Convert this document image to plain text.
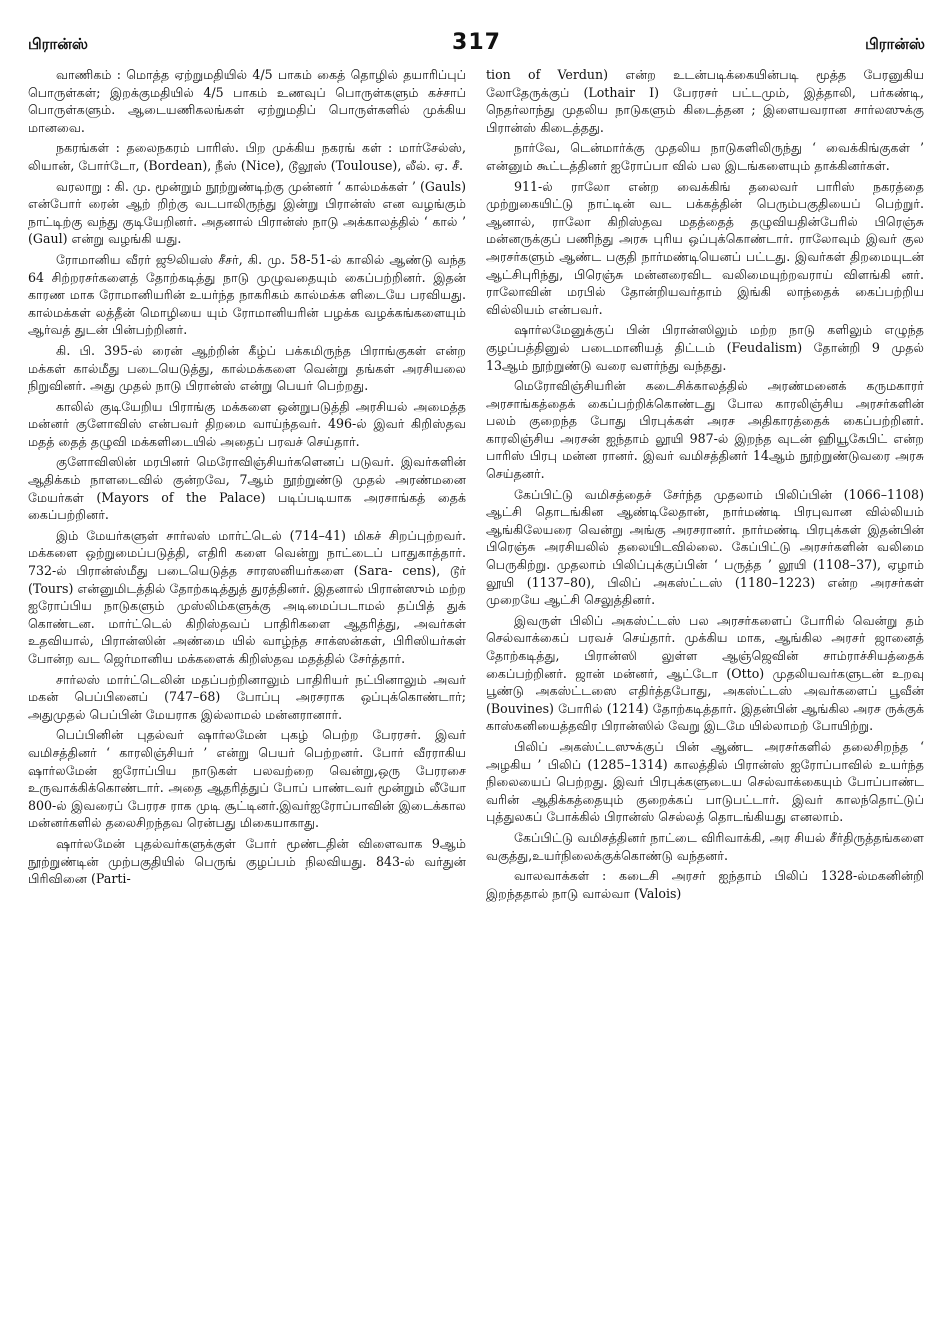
பிரான்ஸ்	317	பிரான்ஸ்

வாணிகம் : மொத்த ஏற்றுமதியில் 4/5 பாகம் கைத் தொழில் தயாரிப்புப் பொருள்கள்; இறக்குமதியில் 4/5 பாகம் உணவுப் பொருள்களும் கச்சாப் பொருள்களும். ஆடையணிகலங்கள் ஏற்றுமதிப் பொருள்களில் முக்கிய மானவை.

நகரங்கள் : தலைநகரம் பாரிஸ். பிற முக்கிய நகரங் கள் : மார்சேல்ஸ், லியான், போர்டோ, (Bordean), நீஸ் (Nice), டூலூஸ் (Toulouse), லீல். ஏ. சீ.

வரலாறு : கி. மு. மூன்றும் நூற்றுண்டிற்கு முன்னர் ‘ கால்மக்கள் ’ (Gauls) என்போர் ரைன் ஆற் றிற்கு வடபாலிருந்து இன்று பிரான்ஸ் என வழங்கும் நாட்டிற்கு வந்து குடியேறினர். அதனால் பிரான்ஸ் நாடு அக்காலத்தில் ‘ கால் ’ (Gaul) என்று வழங்கி யது.

ரோமானிய வீரர் ஜூலியஸ் சீசர், கி. மு. 58-51-ல் காலில் ஆண்டு வந்த 64 சிற்றரசர்களைத் தோற்கடித்து நாடு முழுவதையும் கைப்பற்றினர். இதன் காரண மாக ரோமானியரின் உயர்ந்த நாகரிகம் கால்மக்க ளிடையே பரவியது. கால்மக்கள் லத்தீன் மொழியை யும் ரோமானியரின் பழக்க வழக்கங்களையும் ஆர்வத் துடன் பின்பற்றினர்.

கி. பி. 395-ல் ரைன் ஆற்றின் கீழ்ப் பக்கமிருந்த பிராங்குகள் என்ற மக்கள் கால்மீது படையெடுத்து, கால்மக்களை வென்று தங்கள் அரசியலை நிறுவினர். அது முதல் நாடு பிரான்ஸ் என்று பெயர் பெற்றது.

காலில் குடியேறிய பிராங்கு மக்களை ஒன்றுபடுத்தி அரசியல் அமைத்த மன்னர் குளோவிஸ் என்பவர் திறமை வாய்ந்தவர். 496-ல் இவர் கிறிஸ்தவ மதத் தைத் தழுவி மக்களிடையில் அதைப் பரவச் செய்தார்.

குளோவிஸின் மரபினர் மெரோவிஞ்சியர்களெனப் படுவர். இவர்களின் ஆதிக்கம் நாளடைவில் குன்றவே, 7ஆம் நூற்றுண்டு முதல் அரண்மனை மேயர்கள் (Mayors of the Palace) படிப்படியாக அரசாங்கத் தைக் கைப்பற்றினர்.

இம் மேயர்களுள் சார்லஸ் மார்ட்டெல் (714–41) மிகச் சிறப்புற்றவர். மக்களை ஒற்றுமைப்படுத்தி, எதிரி களை வென்று நாட்டைப் பாதுகாத்தார். 732-ல் பிரான்ஸ்மீது படையெடுத்த சாரஸனியர்களை (Sara- cens), டூர் (Tours) என்னுமிடத்தில் தோற்கடித்துத் துரத்தினர். இதனால் பிரான்ஸும் மற்ற ஐரோப்பிய நாடுகளும் முஸ்லிம்களுக்கு அடிமைப்படாமல் தப்பித் துக் கொண்டன. மார்ட்டெல் கிறிஸ்தவப் பாதிரிகளை ஆதரித்து, அவர்கள் உதவியால், பிரான்ஸின் அண்மை யில் வாழ்ந்த சாக்ஸன்கள், பிரிஸியர்கள் போன்ற வட ஜெர்மானிய மக்களைக் கிறிஸ்தவ மதத்தில் சேர்த்தார்.

சார்லஸ் மார்ட்டெலின் மதப்பற்றினாலும் பாதிரியர் நட்பினாலும் அவர் மகன் பெப்பினைப் (747–68) போப்பு அரசராக ஒப்புக்கொண்டார்; அதுமுதல் பெப்பின் மேயராக இல்லாமல் மன்னரானார்.

பெப்பினின் புதல்வர் ஷார்லமேன் புகழ் பெற்ற பேரரசர். இவர் வமிசத்தினர் ‘ காரலிஞ்சியர் ’ என்று பெயர் பெற்றனர். போர் வீரராகிய ஷார்லமேன் ஐரோப்பிய நாடுகள் பலவற்றை வென்று,ஒரு பேரரசை உருவாக்கிக்கொண்டார். அதை ஆதரித்துப் போப் பாண்டவர் மூன்றும் லீயோ 800-ல் இவரைப் பேரரச ராக முடி சூட்டினர்.இவர்ஐரோப்பாவின் இடைக்கால மன்னர்களில் தலைசிறந்தவ ரென்பது மிகையாகாது.

ஷார்லமேன் புதல்வர்களுக்குள் போர் மூண்டதின் விளைவாக 9ஆம் நூற்றுண்டின் முற்பகுதியில் பெருங் குழப்பம் நிலவியது. 843-ல் வர்துன் பிரிவினை (Parti-

tion of Verdun) என்ற உடன்படிக்கையின்படி மூத்த பேரனுகிய லோதேருக்குப் (Lothair I) பேரரசர் பட்டமும், இத்தாலி, பர்கண்டி, நெதர்லாந்து முதலிய நாடுகளும் கிடைத்தன ; இளையவரான சார்லஸுக்கு பிரான்ஸ் கிடைத்தது.

நார்வே, டென்மார்க்கு முதலிய நாடுகளிலிருந்து ‘ வைக்கிங்குகள் ’ என்னும் கூட்டத்தினர் ஐரோப்பா வில் பல இடங்களையும் தாக்கினர்கள்.

911-ல் ராலோ என்ற வைக்கிங் தலைவர் பாரிஸ் நகரத்தை முற்றுகையிட்டு நாட்டின் வட பக்கத்தின் பெரும்பகுதியைப் பெற்றுர். ஆனால், ராலோ கிறிஸ்தவ மதத்தைத் தழுவியதின்பேரில் பிரெஞ்சு மன்னருக்குப் பணிந்து அரசு புரிய ஒப்புக்கொண்டார். ராலோவும் இவர் குல அரசர்களும் ஆண்ட பகுதி நார்மண்டியெனப் பட்டது. இவர்கள் திறமையுடன் ஆட்சிபுரிந்து, பிரெஞ்சு மன்னரைவிட வலிமையுற்றவராய் விளங்கி னர். ராலோவின் மரபில் தோன்றியவர்தாம் இங்கி லாந்தைக் கைப்பற்றிய வில்லியம் என்பவர்.

ஷார்லமேனுக்குப் பின் பிரான்ஸிலும் மற்ற நாடு களிலும் எழுந்த குழப்பத்தினுல் படைமானியத் திட்டம் (Feudalism) தோன்றி 9 முதல் 13ஆம் நூற்றுண்டு வரை வளர்ந்து வந்தது.

மெரோவிஞ்சியரின் கடைசிக்காலத்தில் அரண்மனைக் கருமகாரர் அரசாங்கத்தைக் கைப்பற்றிக்கொண்டது போல காரலிஞ்சிய அரசர்களின் பலம் குறைந்த போது பிரபுக்கள் அரச அதிகாரத்தைக் கைப்பற்றினர். காரலிஞ்சிய அரசன் ஐந்தாம் லூயி 987-ல் இறந்த வுடன் ஹியூகேபிட் என்ற பாரிஸ் பிரபு மன்ன ரானர். இவர் வமிசத்தினர் 14ஆம் நூற்றுண்டுவரை அரசு செய்தனர்.

கேப்பிட்டு வமிசத்தைச் சேர்ந்த முதலாம் பிலிப்பின் (1066–1108) ஆட்சி தொடங்கின ஆண்டிலேதான், நார்மண்டி பிரபுவான வில்லியம் ஆங்கிலேயரை வென்று அங்கு அரசரானர். நார்மண்டி பிரபுக்கள் இதன்பின் பிரெஞ்சு அரசியலில் தலையிடவில்லை. கேப்பிட்டு அரசர்களின் வலிமை பெருகிற்று. முதலாம் பிலிப்புக்குப்பின் ‘ பருத்த ’ லூயி (1108–37), ஏழாம் லூயி (1137–80), பிலிப் அகஸ்ட்டஸ் (1180–1223) என்ற அரசர்கள் முறையே ஆட்சி செலுத்தினர்.

இவருள் பிலிப் அகஸ்ட்டஸ் பல அரசர்களைப் போரில் வென்று தம் செல்வாக்கைப் பரவச் செய்தார். முக்கிய மாக, ஆங்கில அரசர் ஜானைத் தோற்கடித்து, பிரான்ஸி லுள்ள ஆஞ்ஜெவின் சாம்ராச்சியத்தைக் கைப்பற்றினர். ஜான் மன்னர், ஆட்டோ (Otto) முதலியவர்களுடன் உறவு பூண்டு அகஸ்ட்டஸை எதிர்த்தபோது, அகஸ்ட்டஸ் அவர்களைப் பூவீன் (Bouvines) போரில் (1214) தோற்கடித்தார். இதன்பின் ஆங்கில அரச ருக்குக் காஸ்கனியைத்தவிர பிரான்ஸில் வேறு இடமே யில்லாமற் போயிற்று.

பிலிப் அகஸ்ட்டஸுக்குப் பின் ஆண்ட அரசர்களில் தலைசிறந்த ‘ அழகிய ’ பிலிப் (1285–1314) காலத்தில் பிரான்ஸ் ஐரோப்பாவில் உயர்ந்த நிலையைப் பெற்றது. இவர் பிரபுக்களுடைய செல்வாக்கையும் போப்பாண்ட வரின் ஆதிக்கத்தையும் குறைக்கப் பாடுபட்டார். இவர் காலந்தொட்டுப் புத்துலகப் போக்கில் பிரான்ஸ் செல்லத் தொடங்கியது எனலாம்.

கேப்பிட்டு வமிசத்தினர் நாட்டை விரிவாக்கி, அர சியல் சீர்திருத்தங்களை வகுத்து,உயர்நிலைக்குக்கொண்டு வந்தனர்.

வாலவாக்கள் : கடைசி அரசர் ஐந்தாம் பிலிப் 1328-ல்மகனின்றி இறந்ததால் நாடு வால்வா (Valois)
